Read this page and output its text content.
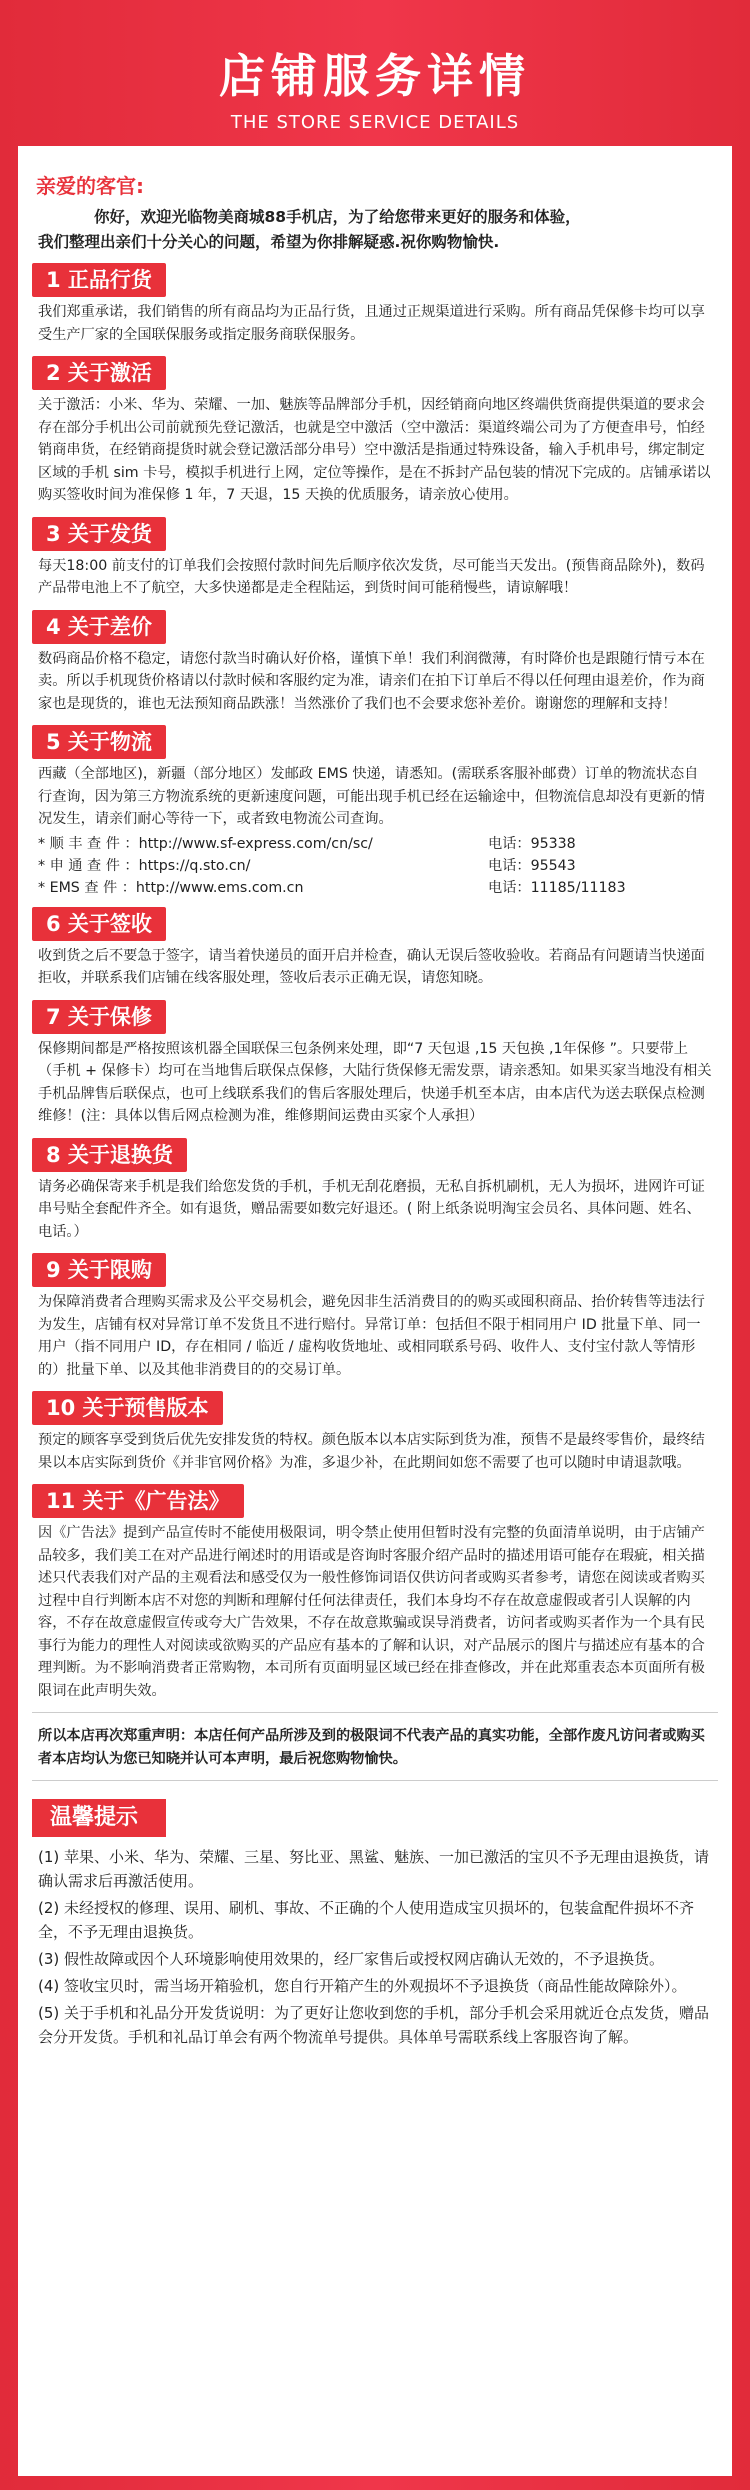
店铺服务详情
THE STORE SERVICE DETAILS
亲爱的客官:
你好，欢迎光临物美商城88手机店，为了给您带来更好的服务和体验，
我们整理出亲们十分关心的问题，希望为你排解疑惑.祝你购物愉快.
1 正品行货
我们郑重承诺，我们销售的所有商品均为正品行货，且通过正规渠道进行采购。所有商品凭保修卡均可以享受生产厂家的全国联保服务或指定服务商联保服务。
2 关于激活
关于激活：小米、华为、荣耀、一加、魅族等品牌部分手机，因经销商向地区终端供货商提供渠道的要求会存在部分手机出公司前就预先登记激活，也就是空中激活（空中激活：渠道终端公司为了方便查串号，怕经销商串货，在经销商提货时就会登记激活部分串号）空中激活是指通过特殊设备，输入手机串号，绑定制定区域的手机 sim 卡号，模拟手机进行上网，定位等操作，是在不拆封产品包装的情况下完成的。店铺承诺以购买签收时间为准保修 1 年，7 天退，15 天换的优质服务，请亲放心使用。
3 关于发货
每天18:00 前支付的订单我们会按照付款时间先后顺序依次发货，尽可能当天发出。(预售商品除外)，数码产品带电池上不了航空，大多快递都是走全程陆运，到货时间可能稍慢些，请谅解哦！
4 关于差价
数码商品价格不稳定，请您付款当时确认好价格，谨慎下单！我们利润微薄，有时降价也是跟随行情亏本在卖。所以手机现货价格请以付款时候和客服约定为准，请亲们在拍下订单后不得以任何理由退差价，作为商家也是现货的，谁也无法预知商品跌涨！当然涨价了我们也不会要求您补差价。谢谢您的理解和支持！
5 关于物流
西藏（全部地区)，新疆（部分地区）发邮政 EMS 快递，请悉知。(需联系客服补邮费）订单的物流状态自行查询，因为第三方物流系统的更新速度问题，可能出现手机已经在运输途中，但物流信息却没有更新的情况发生，请亲们耐心等待一下，或者致电物流公司查询。
* 顺 丰 查 件 ：http://www.sf-express.com/cn/sc/	电话：95338
* 申 通 查 件 ：https://q.sto.cn/	电话：95543
* EMS 查 件 ：http://www.ems.com.cn	电话：11185/11183
6 关于签收
收到货之后不要急于签字，请当着快递员的面开启并检查，确认无误后签收验收。若商品有问题请当快递面拒收，并联系我们店铺在线客服处理，签收后表示正确无误，请您知晓。
7 关于保修
保修期间都是严格按照该机器全国联保三包条例来处理，即“7 天包退 ,15 天包换 ,1年保修 ”。只要带上（手机 + 保修卡）均可在当地售后联保点保修，大陆行货保修无需发票，请亲悉知。如果买家当地没有相关手机品牌售后联保点，也可上线联系我们的售后客服处理后，快递手机至本店，由本店代为送去联保点检测维修！(注：具体以售后网点检测为准，维修期间运费由买家个人承担）
8 关于退换货
请务必确保寄来手机是我们给您发货的手机，手机无刮花磨损，无私自拆机刷机，无人为损坏，进网许可证串号贴全套配件齐全。如有退货，赠品需要如数完好退还。( 附上纸条说明淘宝会员名、具体问题、姓名、电话。）
9 关于限购
为保障消费者合理购买需求及公平交易机会，避免因非生活消费目的的购买或囤积商品、抬价转售等违法行为发生，店铺有权对异常订单不发货且不进行赔付。异常订单：包括但不限于相同用户 ID 批量下单、同一用户（指不同用户 ID，存在相同 / 临近 / 虚构收货地址、或相同联系号码、收件人、支付宝付款人等情形的）批量下单、以及其他非消费目的的交易订单。
10 关于预售版本
预定的顾客享受到货后优先安排发货的特权。颜色版本以本店实际到货为准，预售不是最终零售价，最终结果以本店实际到货价《并非官网价格》为准，多退少补，在此期间如您不需要了也可以随时申请退款哦。
11 关于《广告法》
因《广告法》提到产品宣传时不能使用极限词，明令禁止使用但暂时没有完整的负面清单说明，由于店铺产品较多，我们美工在对产品进行阐述时的用语或是咨询时客服介绍产品时的描述用语可能存在瑕疵，相关描述只代表我们对产品的主观看法和感受仅为一般性修饰词语仅供访问者或购买者参考，请您在阅读或者购买过程中自行判断本店不对您的判断和理解付任何法律责任，我们本身均不存在故意虚假或者引人误解的内容，不存在故意虚假宣传或夸大广告效果，不存在故意欺骗或误导消费者，访问者或购买者作为一个具有民事行为能力的理性人对阅读或欲购买的产品应有基本的了解和认识，对产品展示的图片与描述应有基本的合理判断。为不影响消费者正常购物，本司所有页面明显区域已经在排查修改，并在此郑重表态本页面所有极限词在此声明失效。
所以本店再次郑重声明：本店任何产品所涉及到的极限词不代表产品的真实功能，全部作废凡访问者或购买者本店均认为您已知晓并认可本声明，最后祝您购物愉快。
温馨提示

(1) 苹果、小米、华为、荣耀、三星、努比亚、黑鲨、魅族、一加已激活的宝贝不予无理由退换货，请确认需求后再激活使用。

(2) 未经授权的修理、误用、刷机、事故、不正确的个人使用造成宝贝损坏的，包装盒配件损坏不齐全，不予无理由退换货。

(3) 假性故障或因个人环境影响使用效果的，经厂家售后或授权网店确认无效的，不予退换货。

(4) 签收宝贝时，需当场开箱验机，您自行开箱产生的外观损坏不予退换货（商品性能故障除外）。

(5) 关于手机和礼品分开发货说明：为了更好让您收到您的手机，部分手机会采用就近仓点发货，赠品会分开发货。手机和礼品订单会有两个物流单号提供。具体单号需联系线上客服咨询了解。
